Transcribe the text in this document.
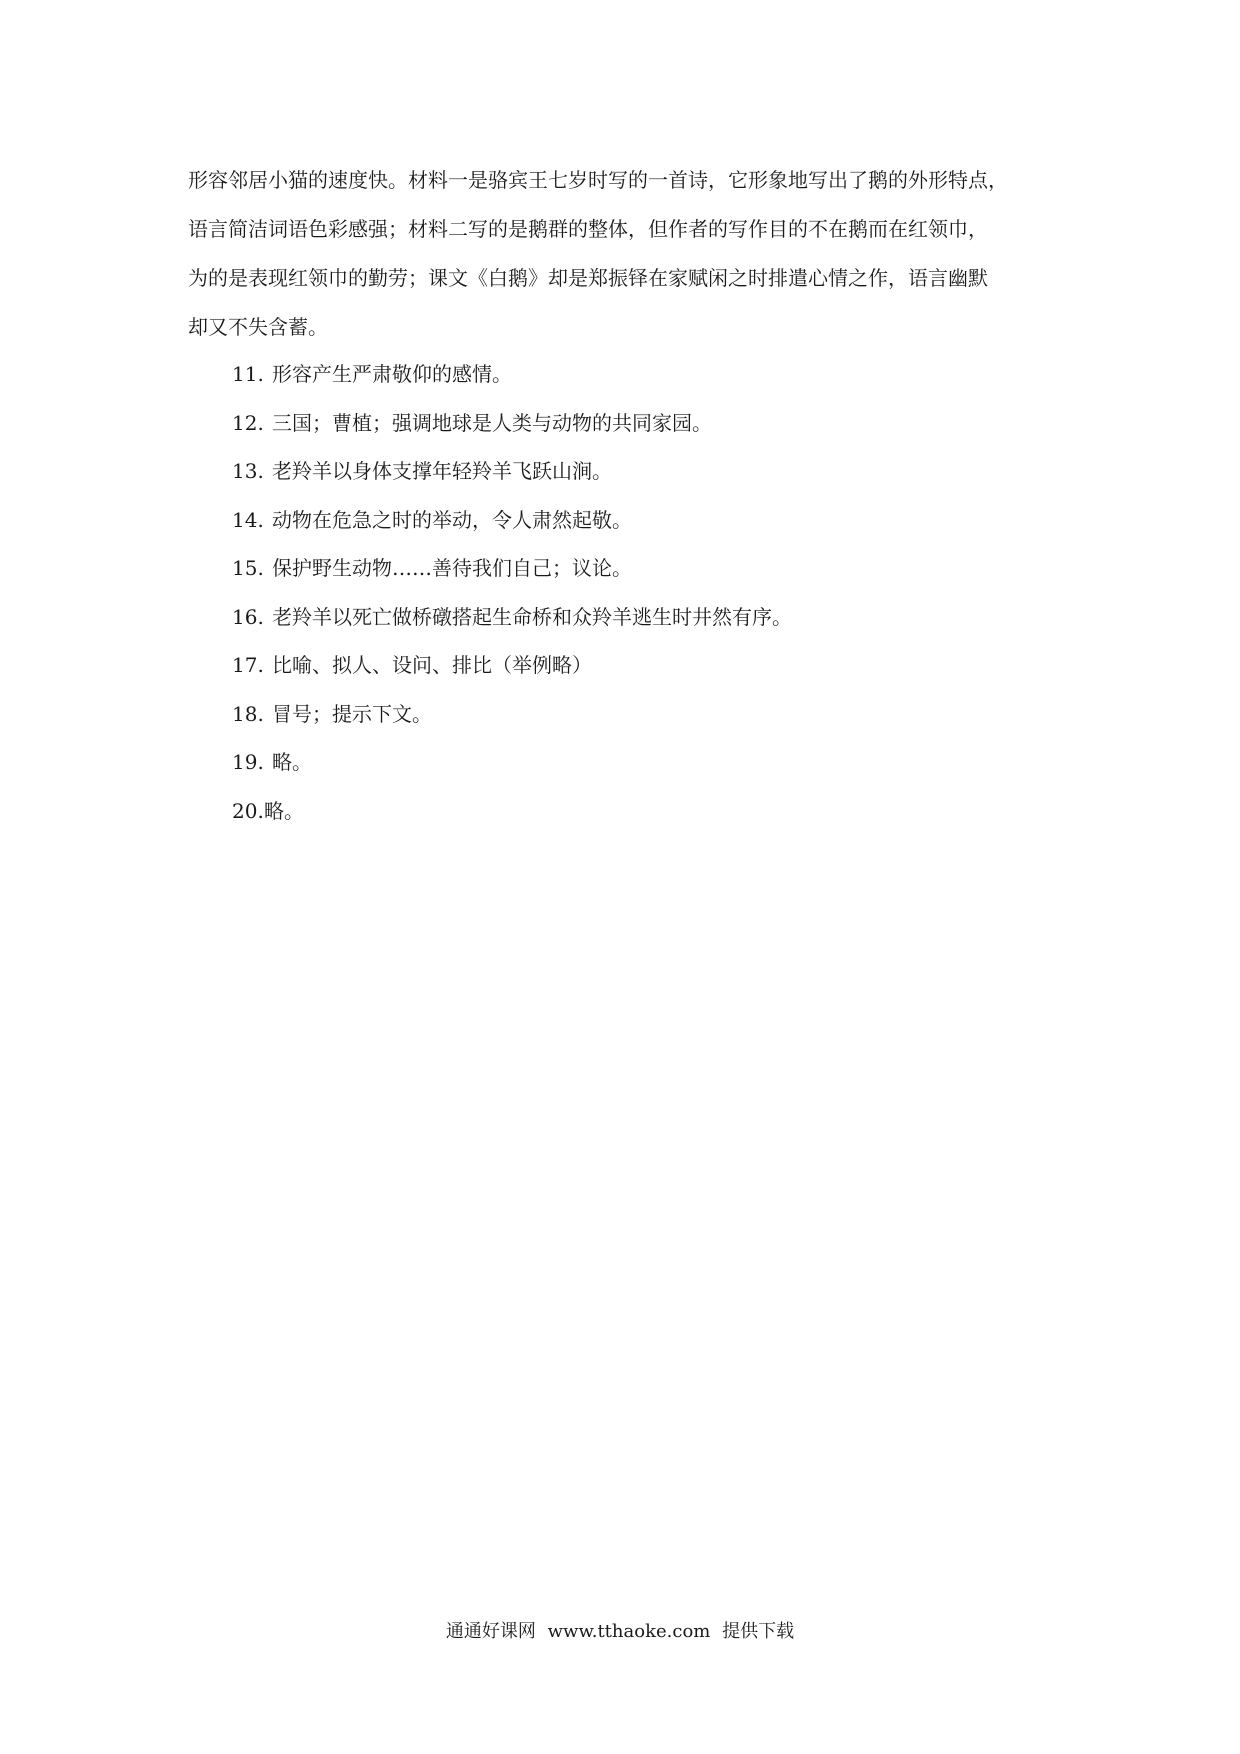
形容邻居小猫的速度快。材料一是骆宾王七岁时写的一首诗，它形象地写出了鹅的外形特点，
语言简洁词语色彩感强；材料二写的是鹅群的整体，但作者的写作目的不在鹅而在红领巾，
为的是表现红领巾的勤劳；课文《白鹅》却是郑振铎在家赋闲之时排遣心情之作，语言幽默
却又不失含蓄。
11. 形容产生严肃敬仰的感情。
12. 三国；曹植；强调地球是人类与动物的共同家园。
13. 老羚羊以身体支撑年轻羚羊飞跃山涧。
14. 动物在危急之时的举动，令人肃然起敬。
15. 保护野生动物……善待我们自己；议论。
16. 老羚羊以死亡做桥礅搭起生命桥和众羚羊逃生时井然有序。
17. 比喻、拟人、设问、排比（举例略）
18. 冒号；提示下文。
19. 略。
20.略。
通通好课网 www.tthaoke.com 提供下载
